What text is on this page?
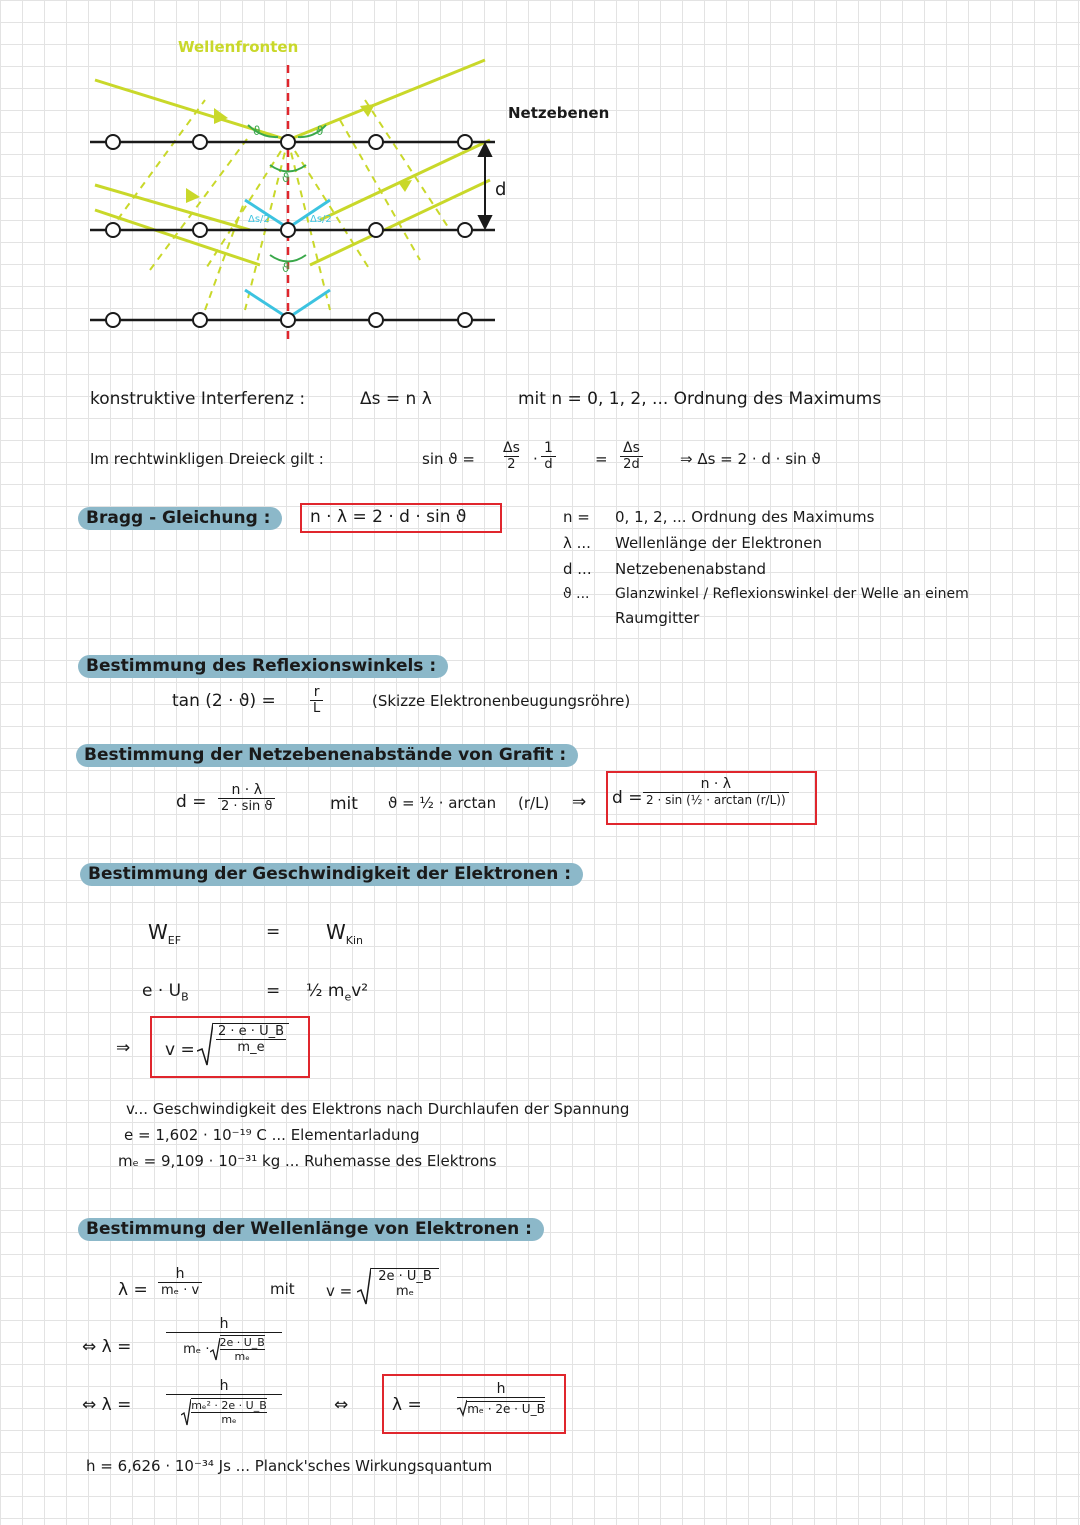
Wellenfronten
Netzebenen
d
ϑ	ϑ
ϑ
ϑ
Δs/2	Δs/2
konstruktive Interferenz :	Δs = n λ	mit n = 0, 1, 2, ... Ordnung des Maximums
Im rechtwinkligen Dreieck gilt :	$\sin ϑ = \frac{\Delta s}{2} \cdot \frac{1}{d}$	= $\frac{\Delta s}{2d}$ ⇒ Δs = 2 · d · sin ϑ
Bragg - Gleichung :	n · λ = 2 · d · sin ϑ	n = 0, 1, 2, ... Ordnung des Maximums
λ ... Wellenlänge der Elektronen
d ... Netzebenenabstand
ϑ ... Glanzwinkel / Reflexionswinkel der Welle an einem
Raumgitter
Bestimmung des Reflexionswinkels :
$\tan (2 \cdot ϑ) = \frac{r}{L}$	(Skizze Elektronenbeugungsröhre)
Bestimmung der Netzebenenabstände von Grafit :
$d = \frac{n \cdot \lambda}{\text{2 · sin ϑ}}$	mit ϑ = ½ · arctan (r/L) ⇒ $d = \frac{n \cdot \lambda}{\text{2 · sin (½ · arctan (r/L))}}$
Bestimmung der Geschwindigkeit der Elektronen :
$W_{EF}$	= $W_{Kin}$
$e \cdot U_B$	= ½ $m_ev^2$
⇒ $v = \frac{2 \cdot e \cdot U\_B}{m\_e}$
v... Geschwindigkeit des Elektrons nach Durchlaufen der Spannung
e = 1,602 · 10⁻¹⁹ C ... Elementarladung
mₑ = 9,109 · 10⁻³¹ kg ... Ruhemasse des Elektrons
Bestimmung der Wellenlänge von Elektronen :
$\lambda = \frac{h}{\text{mₑ · v}}$	mit v =
2e · U_B
mₑ
⇔ λ = h
mₑ · 2e · U_B
mₑ
⇔ λ = h
mₑ² · 2e · U_B
mₑ	⇔	$\lambda = \frac{h}{\text{mₑ · 2e · U\_B}}$
h = 6,626 · 10⁻³⁴ Js ... Planck'sches Wirkungsquantum
